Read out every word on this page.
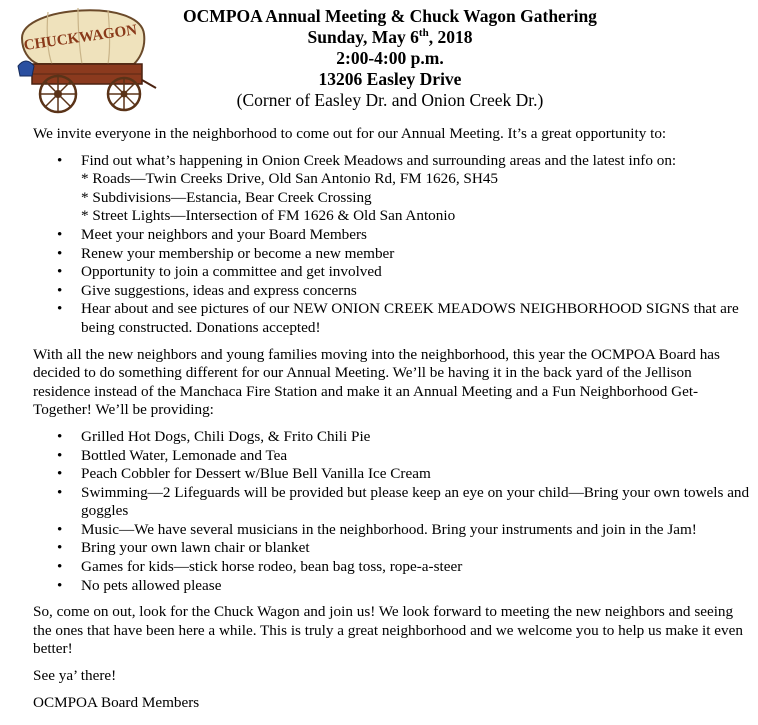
CHUCKWAGON
OCMPOA Annual Meeting & Chuck Wagon Gathering
Sunday, May 6th, 2018
2:00-4:00 p.m.
13206 Easley Drive
(Corner of Easley Dr. and Onion Creek Dr.)

We invite everyone in the neighborhood to come out for our Annual Meeting. It’s a great opportunity to:

• Find out what’s happening in Onion Creek Meadows and surrounding areas and the latest info on:
* Roads—Twin Creeks Drive, Old San Antonio Rd, FM 1626, SH45
* Subdivisions—Estancia, Bear Creek Crossing
* Street Lights—Intersection of FM 1626 & Old San Antonio
• Meet your neighbors and your Board Members
• Renew your membership or become a new member
• Opportunity to join a committee and get involved
• Give suggestions, ideas and express concerns
• Hear about and see pictures of our NEW ONION CREEK MEADOWS NEIGHBORHOOD SIGNS that are being constructed. Donations accepted!

With all the new neighbors and young families moving into the neighborhood, this year the OCMPOA Board has decided to do something different for our Annual Meeting. We’ll be having it in the back yard of the Jellison residence instead of the Manchaca Fire Station and make it an Annual Meeting and a Fun Neighborhood Get-Together! We’ll be providing:

• Grilled Hot Dogs, Chili Dogs, & Frito Chili Pie
• Bottled Water, Lemonade and Tea
• Peach Cobbler for Dessert w/Blue Bell Vanilla Ice Cream
• Swimming—2 Lifeguards will be provided but please keep an eye on your child—Bring your own towels and goggles
• Music—We have several musicians in the neighborhood. Bring your instruments and join in the Jam!
• Bring your own lawn chair or blanket
• Games for kids—stick horse rodeo, bean bag toss, rope-a-steer
• No pets allowed please

So, come on out, look for the Chuck Wagon and join us! We look forward to meeting the new neighbors and seeing the ones that have been here a while. This is truly a great neighborhood and we welcome you to help us make it even better!

See ya’ there!

OCMPOA Board Members
